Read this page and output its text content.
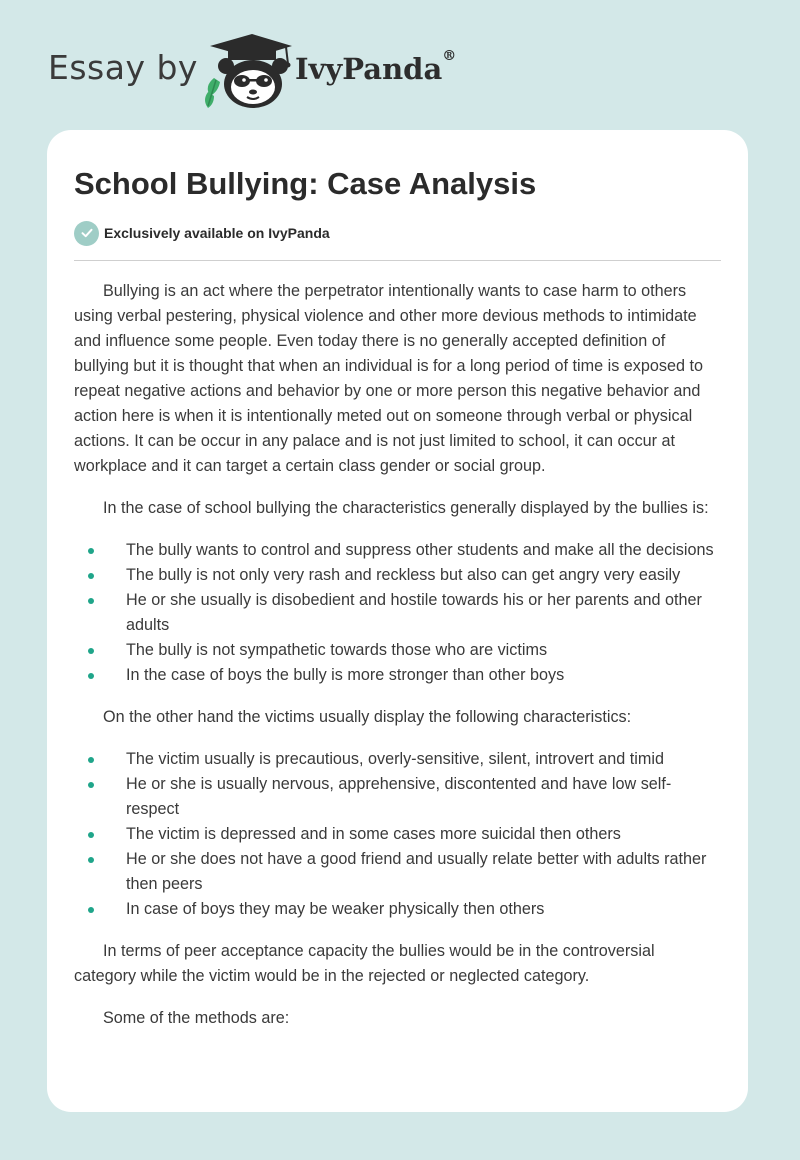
Essay by	IvyPanda®
School Bullying: Case Analysis
Exclusively available on IvyPanda

Bullying is an act where the perpetrator intentionally wants to case harm to others using verbal pestering, physical violence and other more devious methods to intimidate and influence some people. Even today there is no generally accepted definition of bullying but it is thought that when an individual is for a long period of time is exposed to repeat negative actions and behavior by one or more person this negative behavior and action here is when it is intentionally meted out on someone through verbal or physical actions. It can be occur in any palace and is not just limited to school, it can occur at workplace and it can target a certain class gender or social group.

In the case of school bullying the characteristics generally displayed by the bullies is:

The bully wants to control and suppress other students and make all the decisions
The bully is not only very rash and reckless but also can get angry very easily
He or she usually is disobedient and hostile towards his or her parents and other adults
The bully is not sympathetic towards those who are victims
In the case of boys the bully is more stronger than other boys

On the other hand the victims usually display the following characteristics:

The victim usually is precautious, overly-sensitive, silent, introvert and timid
He or she is usually nervous, apprehensive, discontented and have low self-respect
The victim is depressed and in some cases more suicidal then others
He or she does not have a good friend and usually relate better with adults rather then peers
In case of boys they may be weaker physically then others

In terms of peer acceptance capacity the bullies would be in the controversial category while the victim would be in the rejected or neglected category.

Some of the methods are:
